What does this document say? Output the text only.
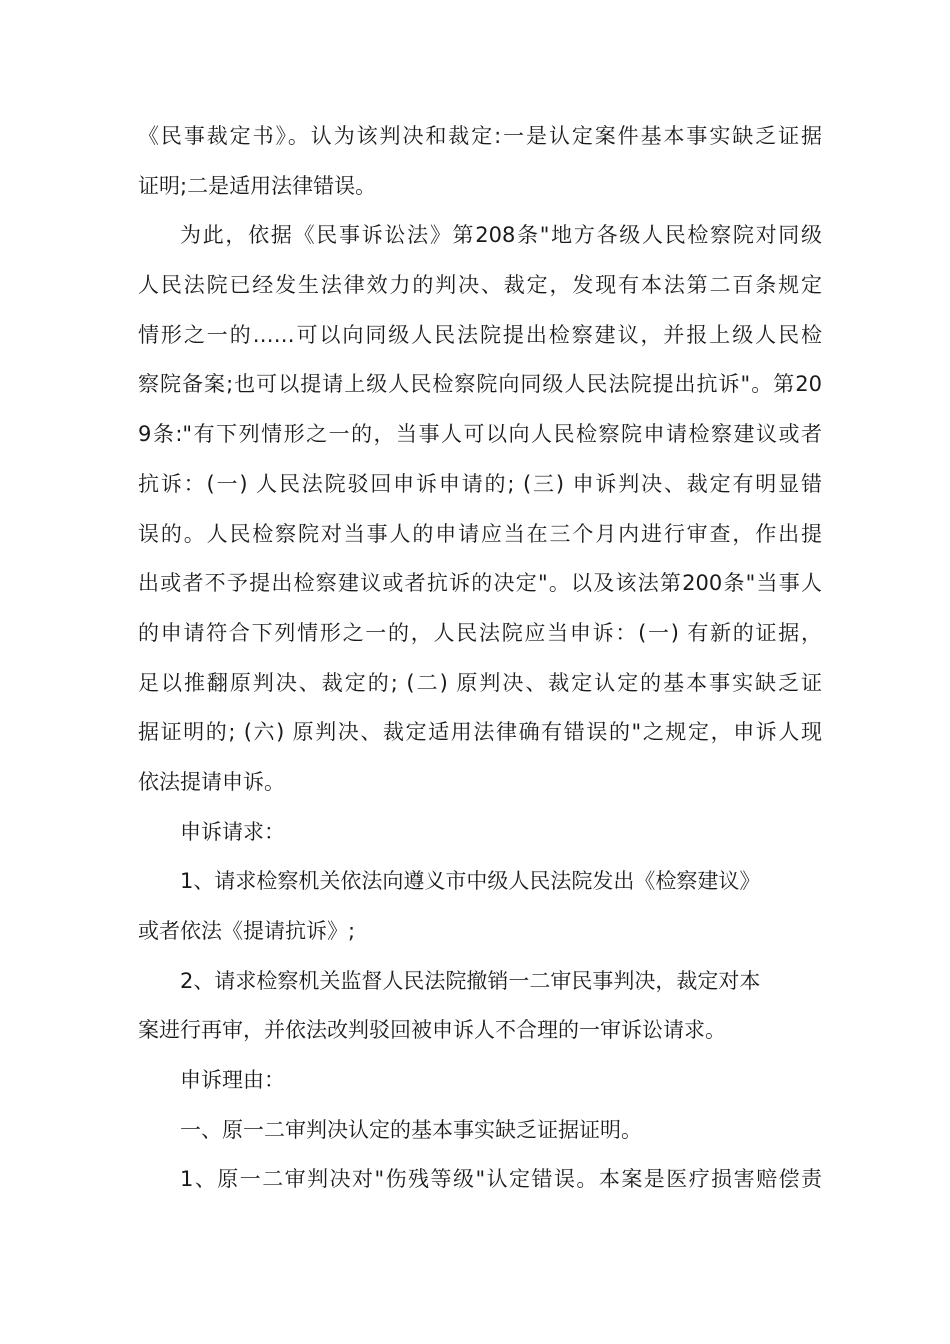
《民事裁定书》。认为该判决和裁定:一是认定案件基本事实缺乏证据
证明;二是适用法律错误。
为此，依据《民事诉讼法》第208条"地方各级人民检察院对同级
人民法院已经发生法律效力的判决、裁定，发现有本法第二百条规定
情形之一的……可以向同级人民法院提出检察建议，并报上级人民检
察院备案;也可以提请上级人民检察院向同级人民法院提出抗诉"。第20
9条:"有下列情形之一的，当事人可以向人民检察院申请检察建议或者
抗诉：(一) 人民法院驳回申诉申请的; (三) 申诉判决、裁定有明显错
误的。人民检察院对当事人的申请应当在三个月内进行审查，作出提
出或者不予提出检察建议或者抗诉的决定"。以及该法第200条"当事人
的申请符合下列情形之一的，人民法院应当申诉：(一) 有新的证据，
足以推翻原判决、裁定的; (二) 原判决、裁定认定的基本事实缺乏证
据证明的; (六) 原判决、裁定适用法律确有错误的"之规定，申诉人现
依法提请申诉。
申诉请求：
1、请求检察机关依法向遵义市中级人民法院发出《检察建议》
或者依法《提请抗诉》;
2、请求检察机关监督人民法院撤销一二审民事判决，裁定对本
案进行再审，并依法改判驳回被申诉人不合理的一审诉讼请求。
申诉理由：
一、原一二审判决认定的基本事实缺乏证据证明。
1、原一二审判决对"伤残等级"认定错误。本案是医疗损害赔偿责
